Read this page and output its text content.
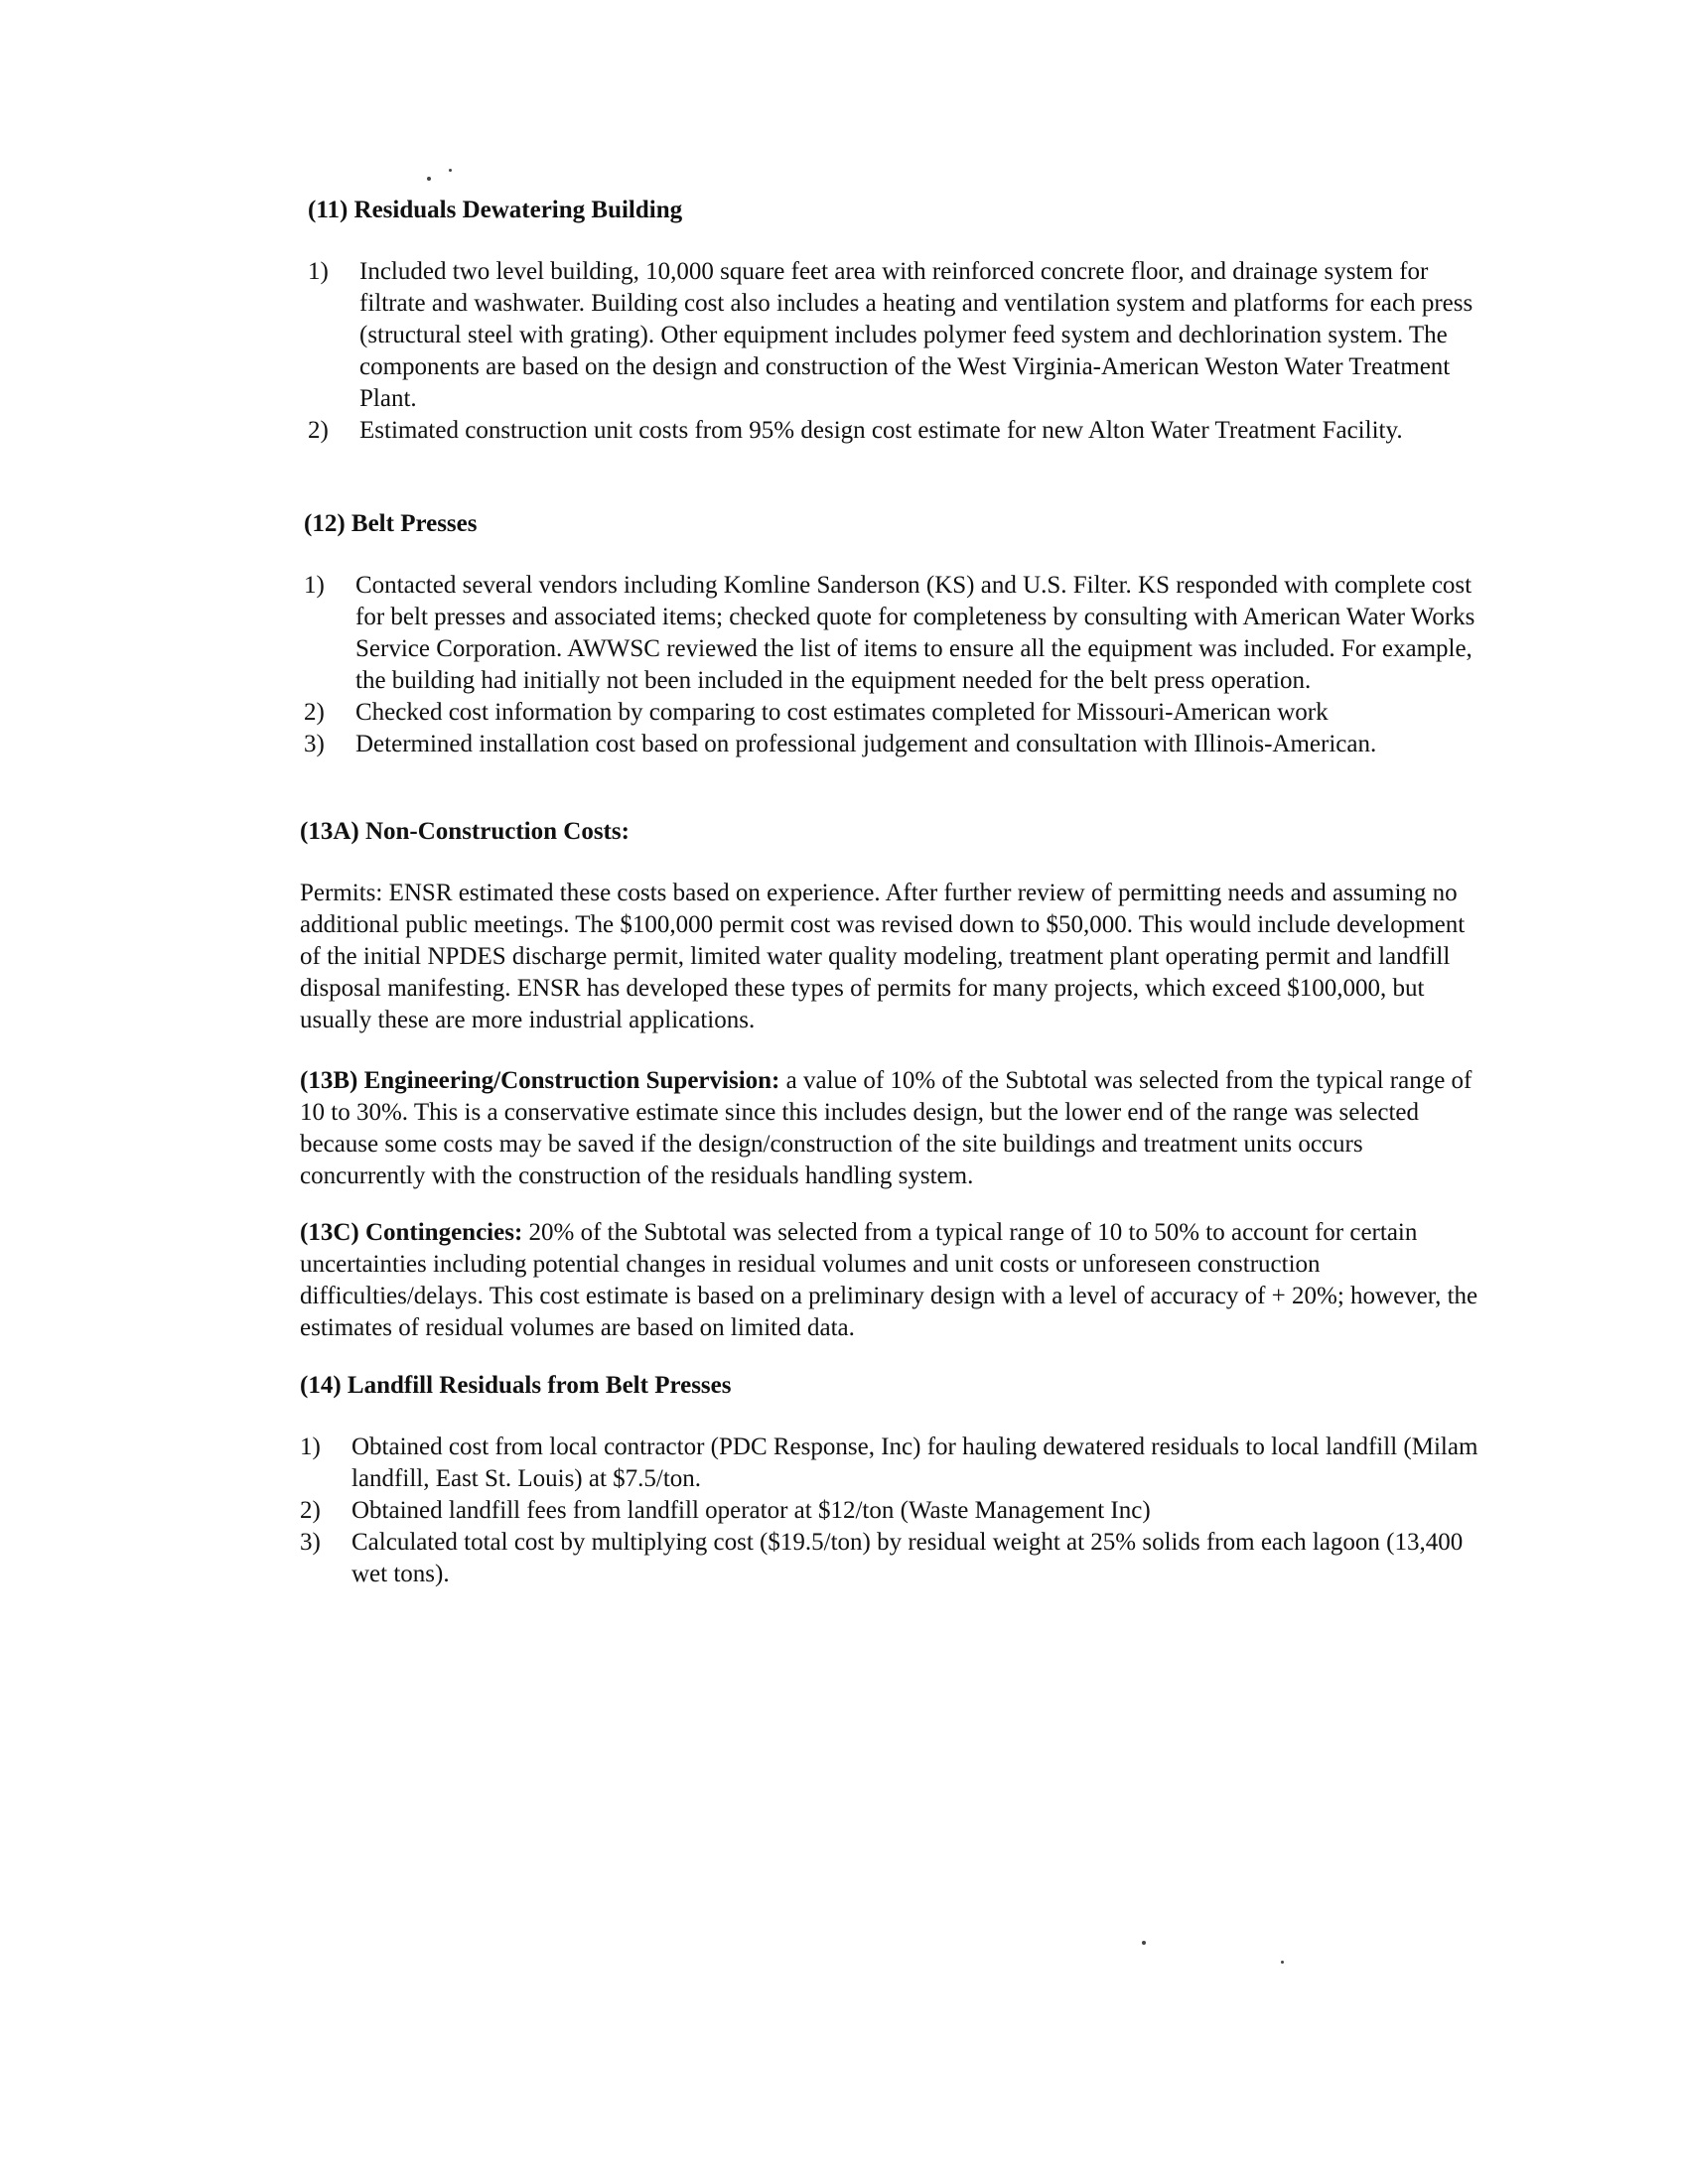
(11) Residuals Dewatering Building
1) Included two level building, 10,000 square feet area with reinforced concrete floor, and drainage system for filtrate and washwater. Building cost also includes a heating and ventilation system and platforms for each press (structural steel with grating). Other equipment includes polymer feed system and dechlorination system. The components are based on the design and construction of the West Virginia-American Weston Water Treatment Plant.
2) Estimated construction unit costs from 95% design cost estimate for new Alton Water Treatment Facility.
(12) Belt Presses
1) Contacted several vendors including Komline Sanderson (KS) and U.S. Filter. KS responded with complete cost for belt presses and associated items; checked quote for completeness by consulting with American Water Works Service Corporation. AWWSC reviewed the list of items to ensure all the equipment was included. For example, the building had initially not been included in the equipment needed for the belt press operation.
2) Checked cost information by comparing to cost estimates completed for Missouri-American work
3) Determined installation cost based on professional judgement and consultation with Illinois-American.
(13A) Non-Construction Costs:

Permits: ENSR estimated these costs based on experience. After further review of permitting needs and assuming no additional public meetings. The $100,000 permit cost was revised down to $50,000. This would include development of the initial NPDES discharge permit, limited water quality modeling, treatment plant operating permit and landfill disposal manifesting. ENSR has developed these types of permits for many projects, which exceed $100,000, but usually these are more industrial applications.

(13B) Engineering/Construction Supervision: a value of 10% of the Subtotal was selected from the typical range of 10 to 30%. This is a conservative estimate since this includes design, but the lower end of the range was selected because some costs may be saved if the design/construction of the site buildings and treatment units occurs concurrently with the construction of the residuals handling system.

(13C) Contingencies: 20% of the Subtotal was selected from a typical range of 10 to 50% to account for certain uncertainties including potential changes in residual volumes and unit costs or unforeseen construction difficulties/delays. This cost estimate is based on a preliminary design with a level of accuracy of + 20%; however, the estimates of residual volumes are based on limited data.

(14) Landfill Residuals from Belt Presses
1) Obtained cost from local contractor (PDC Response, Inc) for hauling dewatered residuals to local landfill (Milam landfill, East St. Louis) at $7.5/ton.
2) Obtained landfill fees from landfill operator at $12/ton (Waste Management Inc)
3) Calculated total cost by multiplying cost ($19.5/ton) by residual weight at 25% solids from each lagoon (13,400 wet tons).
